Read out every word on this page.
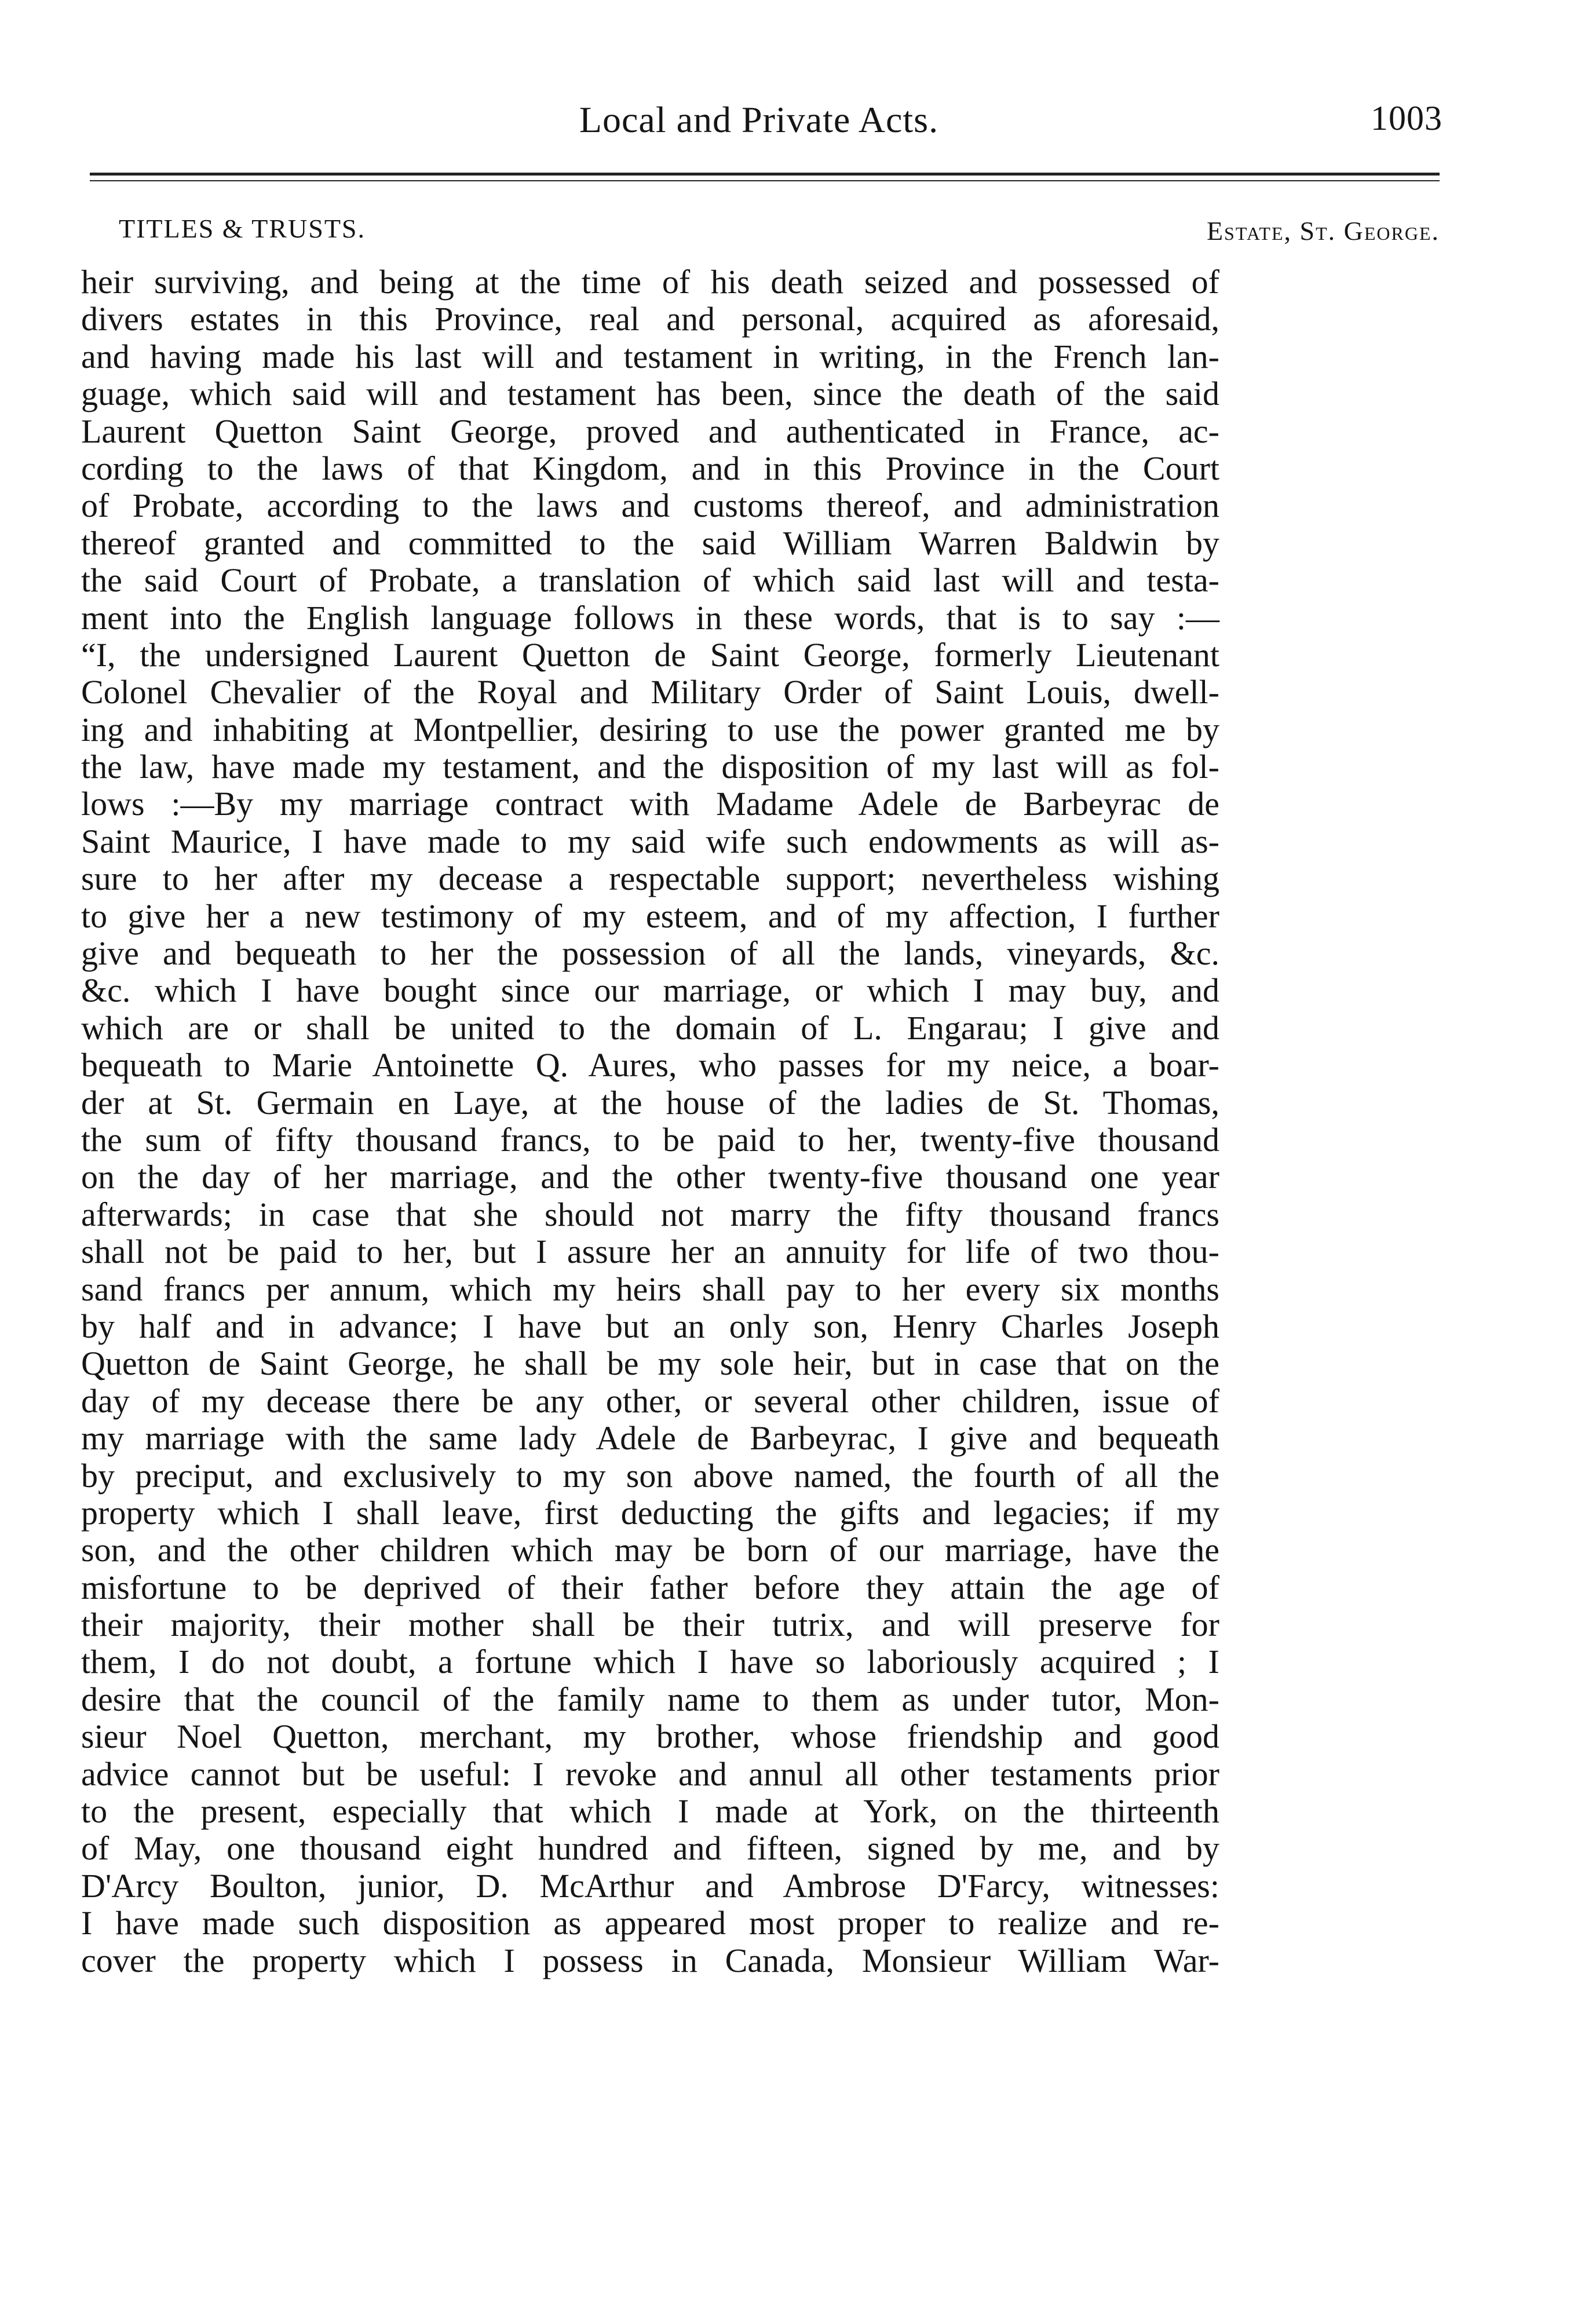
Local and Private Acts.	1003
TITLES & TRUSTS.	Estate, St. George.
heir surviving, and being at the time of his death seized and possessed of
divers estates in this Province, real and personal, acquired as aforesaid,
and having made his last will and testament in writing, in the French lan-
guage, which said will and testament has been, since the death of the said
Laurent Quetton Saint George, proved and authenticated in France, ac-
cording to the laws of that Kingdom, and in this Province in the Court
of Probate, according to the laws and customs thereof, and administration
thereof granted and committed to the said William Warren Baldwin by
the said Court of Probate, a translation of which said last will and testa-
ment into the English language follows in these words, that is to say :—
“I, the undersigned Laurent Quetton de Saint George, formerly Lieutenant
Colonel Chevalier of the Royal and Military Order of Saint Louis, dwell-
ing and inhabiting at Montpellier, desiring to use the power granted me by
the law, have made my testament, and the disposition of my last will as fol-
lows :—By my marriage contract with Madame Adele de Barbeyrac de
Saint Maurice, I have made to my said wife such endowments as will as-
sure to her after my decease a respectable support; nevertheless wishing
to give her a new testimony of my esteem, and of my affection, I further
give and bequeath to her the possession of all the lands, vineyards, &c.
&c. which I have bought since our marriage, or which I may buy, and
which are or shall be united to the domain of L. Engarau; I give and
bequeath to Marie Antoinette Q. Aures, who passes for my neice, a boar-
der at St. Germain en Laye, at the house of the ladies de St. Thomas,
the sum of fifty thousand francs, to be paid to her, twenty-five thousand
on the day of her marriage, and the other twenty-five thousand one year
afterwards; in case that she should not marry the fifty thousand francs
shall not be paid to her, but I assure her an annuity for life of two thou-
sand francs per annum, which my heirs shall pay to her every six months
by half and in advance; I have but an only son, Henry Charles Joseph
Quetton de Saint George, he shall be my sole heir, but in case that on the
day of my decease there be any other, or several other children, issue of
my marriage with the same lady Adele de Barbeyrac, I give and bequeath
by preciput, and exclusively to my son above named, the fourth of all the
property which I shall leave, first deducting the gifts and legacies; if my
son, and the other children which may be born of our marriage, have the
misfortune to be deprived of their father before they attain the age of
their majority, their mother shall be their tutrix, and will preserve for
them, I do not doubt, a fortune which I have so laboriously acquired ; I
desire that the council of the family name to them as under tutor, Mon-
sieur Noel Quetton, merchant, my brother, whose friendship and good
advice cannot but be useful: I revoke and annul all other testaments prior
to the present, especially that which I made at York, on the thirteenth
of May, one thousand eight hundred and fifteen, signed by me, and by
D'Arcy Boulton, junior, D. McArthur and Ambrose D'Farcy, witnesses:
I have made such disposition as appeared most proper to realize and re-
cover the property which I possess in Canada, Monsieur William War-
